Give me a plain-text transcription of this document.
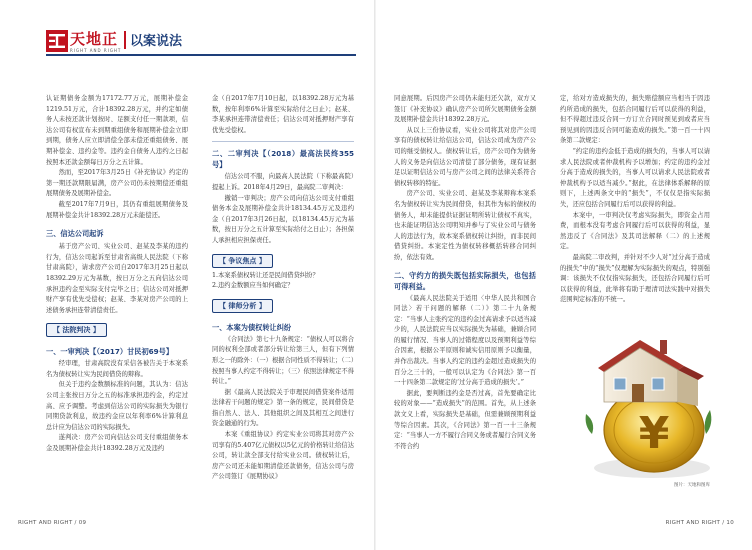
天地正
RIGHT AND RIGHT
以案说法

认证期债务金额为17172.77万元，展期补偿金1219.51万元，合计18392.28万元，并约定如债务人未按还款计划按时、足额支付任一期款项，信达公司有权宣布未到期重组债务和展期补偿金立即到期，债务人应立即清偿全部未偿还重组债务、展期补偿金、违约金等。违约金自债务人违约之日起按照本还款金额每日万分之五计算。

然而，至2017年3月25日《补充协议》约定的第一期还款期限届满，房产公司仍未按期偿还重组展期债务及展期补偿金。

截至2017年7月9日，其仍有重组展期债务及展期补偿金共计18392.28万元未能偿还。

三、信达公司起诉

基于房产公司、实业公司、赵某及李某的违约行为，信达公司起诉至甘肃省高级人民法院（下称甘肃高院），请求房产公司自2017年3月25日起以18392.29万元为基数，按日万分之五向信达公司承担违约金至实际支付完毕之日；信达公司对抵押财产享有优先受偿权；赵某、李某对房产公司的上述债务承担连带清偿责任。

【 法院判决 】
一、一审判决【（2017）甘民初69号】

经审理，甘肃高院没有采信各被告关于本案系名为债权转让实为民间借贷的辩称。

但关于违约金数额标准的问题，其认为：信达公司主张按日万分之五的标准承担违约金，约定过高、应予调整。考虑到信达公司的实际损失为银行同期贷款利息，故违约金应以年利率6%计算利息总计应为信达公司的实际损失。

遂判决：房产公司向信达公司支付重组债务本金及展期补偿金共计18392.28万元及违约

金（自2017年7月10日起，以18392.28万元为基数，按年利率6%计算至实际给付之日止）；赵某、李某承担连带清偿责任；信达公司对抵押财产享有优先受偿权。

二、二审判决【（2018）最高法民终355号】

信达公司不服，向最高人民法院（下称最高院）提起上诉。2018年4月29日，最高院二审判决：

撤销一审判决；房产公司向信达公司支付重组债务本金及展期补偿金共计18134.45万元及违约金（自2017年3月26日起，以18134.45万元为基数，按日万分之五计算至实际给付之日止）；各担保人承担相应担保责任。

【 争议焦点 】

1.本案系债权转让还是民间借贷纠纷？

2.违约金数额应当如何确定？

【 律师分析 】
一、本案为债权转让纠纷

《合同法》第七十九条规定：“债权人可以将合同的权利全部或者部分转让给第三人，但有下列情形之一的除外：（一）根据合同性质不得转让；（二）按照当事人约定不得转让；（三）依照法律规定不得转让。”

据《最高人民法院关于审理民间借贷案件适用法律若干问题的规定》第一条的规定，民间借贷是指自然人、法人、其他组织之间及其相互之间进行资金融通的行为。

本案《重组协议》约定实业公司将其对房产公司享有的5.407亿元债权以5亿元的价格转让给信达公司，转让款全部支付给实业公司。债权转让后，房产公司还未能如期清偿还款债务，信达公司与房产公司签订《展期协议》

RIGHT AND RIGHT / 09

同意展期。后因房产公司仍未能归还欠款，双方又签订《补充协议》确认房产公司所欠展期债务金额及展期补偿金共计18392.28万元。

从以上三份协议看，实业公司将其对房产公司享有的债权转让给信达公司，信达公司成为房产公司的继受债权人。债权转让后，房产公司作为债务人的义务是向信达公司清偿了部分债务，现有证据足以证明信达公司与房产公司之间的法律关系符合债权转移的特征。

房产公司、实业公司、赵某及李某辩称本案系名为债权转让实为民间借贷，但其作为标的债权的债务人，却未能提供证据证明所转让债权不真实，也未能证明信达公司明知并参与了实业公司与债务人的违法行为，故本案系债权转让纠纷，而非民间借贷纠纷。本案定性为债权转移概括转移合同纠纷，依法有效。

二、守约方的损失既包括实际损失，也包括可得利益。

《最高人民法院关于适用〈中华人民共和国合同法〉若干问题的解释（二）》第二十九条规定：“当事人主张约定的违约金过高请求予以适当减少的，人民法院应当以实际损失为基础，兼顾合同的履行情况、当事人的过错程度以及预期利益等综合因素，根据公平原则和诚实信用原则予以衡量，并作出裁决。当事人约定的违约金超过造成损失的百分之三十的，一般可以认定为《合同法》第一百一十四条第二款规定的‘过分高于造成的损失’。”

据此，要判断违约金是否过高，首先要确定比较的对象——“造成损失”的范围。首先，从上述条款文义上看，实际损失是基础，但需兼顾预期利益等综合因素。其次，《合同法》第一百一十三条规定：“当事人一方不履行合同义务或者履行合同义务不符合约

定，给对方造成损失的，损失赔偿额应当相当于因违约所造成的损失，包括合同履行后可以获得的利益，但不得超过违反合同一方订立合同时预见到或者应当预见到的因违反合同可能造成的损失。”第一百一十四条第二款规定：

“约定的违约金低于造成的损失的，当事人可以请求人民法院或者仲裁机构予以增加；约定的违约金过分高于造成的损失的，当事人可以请求人民法院或者仲裁机构予以适当减少。”据此，在法律体系解释的原则下，上述两条文中的“损失”，不仅仅是指实际损失，还应包括合同履行后可以获得的利益。

本案中，一审判决仅考虑实际损失，即资金占用费，而根本没有考虑合同履行后可以获得的利益，显然违反了《合同法》及其司法解释（二）的上述规定。

最高院二审改判，并针对不少人对“过分高于造成的损失”中的“损失”仅理解为实际损失的观点，特别强调：该损失不仅仅指实际损失，还包括合同履行后可以获得的利益，此举将有助于理清司法实践中对损失范围判定标准的不统一。

¥
图片：天地和图库
RIGHT AND RIGHT / 10
